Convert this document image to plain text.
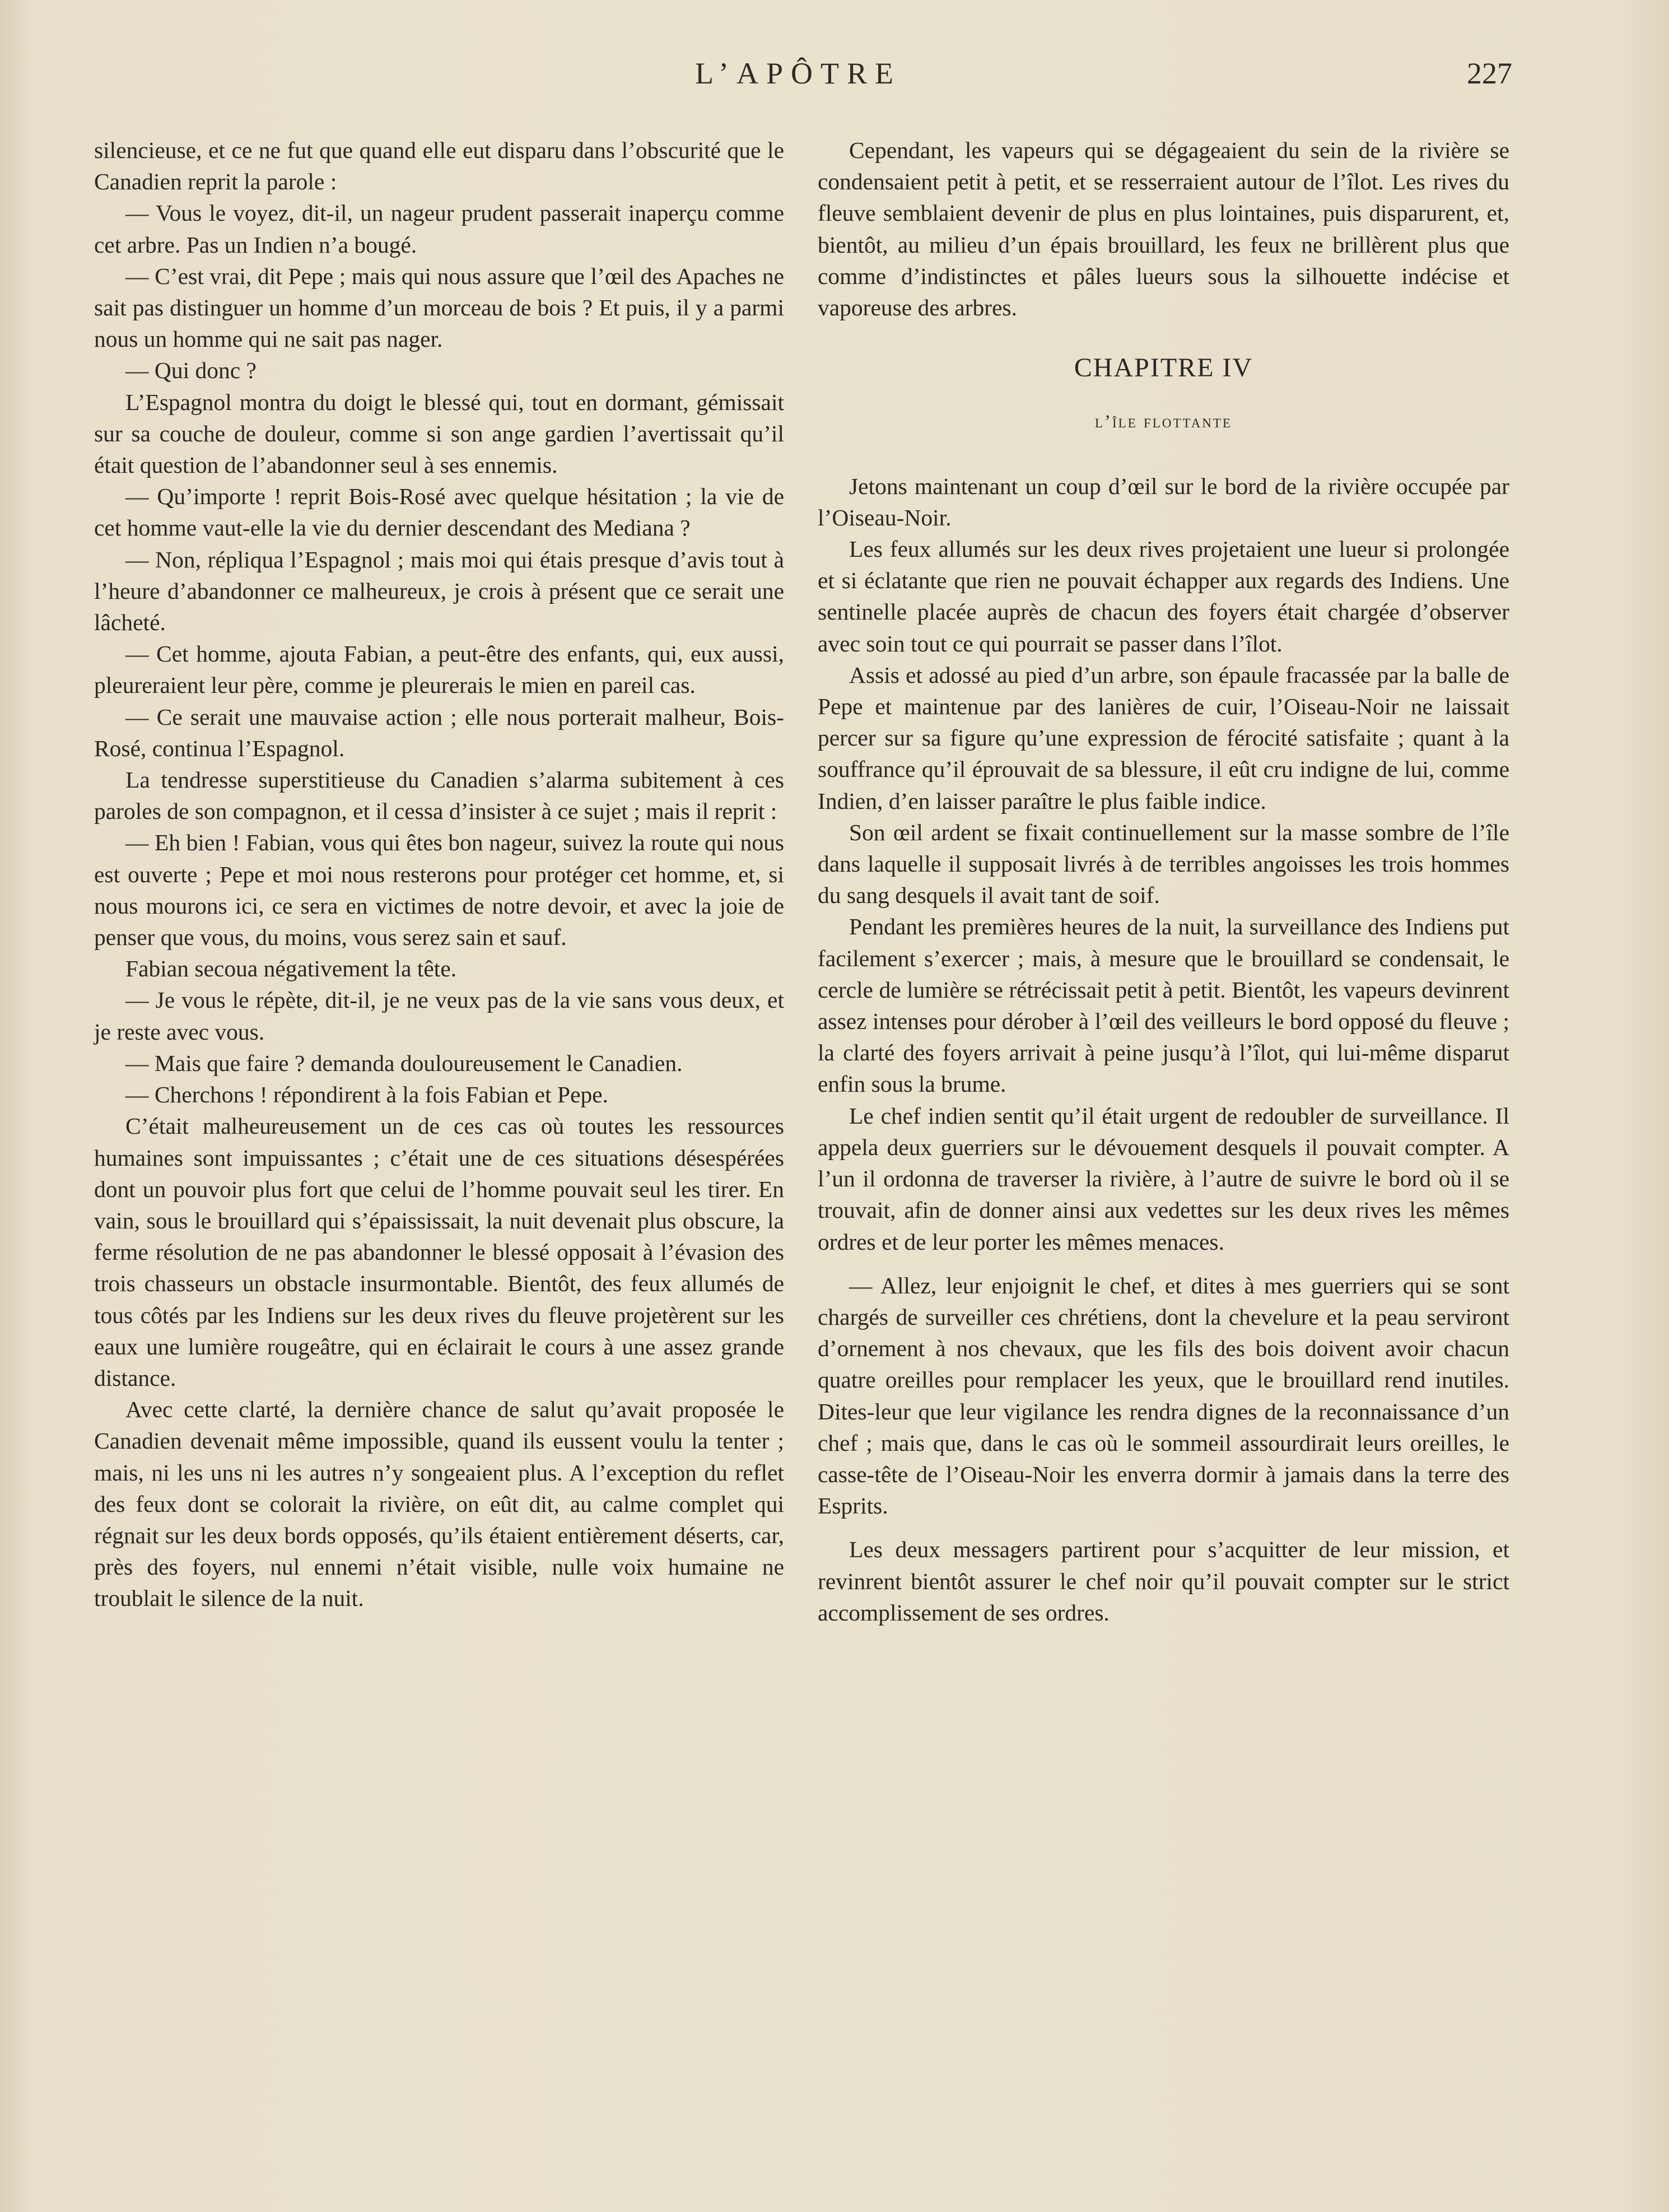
L’APÔTRE	227

silencieuse, et ce ne fut que quand elle eut disparu dans l’obscurité que le Canadien reprit la parole :

— Vous le voyez, dit-il, un nageur prudent passerait inaperçu comme cet arbre. Pas un Indien n’a bougé.

— C’est vrai, dit Pepe ; mais qui nous assure que l’œil des Apaches ne sait pas distinguer un homme d’un morceau de bois ? Et puis, il y a parmi nous un homme qui ne sait pas nager.

— Qui donc ?

L’Espagnol montra du doigt le blessé qui, tout en dormant, gémissait sur sa couche de douleur, comme si son ange gardien l’avertissait qu’il était question de l’abandonner seul à ses ennemis.

— Qu’importe ! reprit Bois-Rosé avec quelque hésitation ; la vie de cet homme vaut-elle la vie du dernier descendant des Mediana ?

— Non, répliqua l’Espagnol ; mais moi qui étais presque d’avis tout à l’heure d’abandonner ce malheureux, je crois à présent que ce serait une lâcheté.

— Cet homme, ajouta Fabian, a peut-être des enfants, qui, eux aussi, pleureraient leur père, comme je pleurerais le mien en pareil cas.

— Ce serait une mauvaise action ; elle nous porterait malheur, Bois-Rosé, continua l’Espagnol.

La tendresse superstitieuse du Canadien s’alarma subitement à ces paroles de son compagnon, et il cessa d’insister à ce sujet ; mais il reprit :

— Eh bien ! Fabian, vous qui êtes bon nageur, suivez la route qui nous est ouverte ; Pepe et moi nous resterons pour protéger cet homme, et, si nous mourons ici, ce sera en victimes de notre devoir, et avec la joie de penser que vous, du moins, vous serez sain et sauf.

Fabian secoua négativement la tête.

— Je vous le répète, dit-il, je ne veux pas de la vie sans vous deux, et je reste avec vous.

— Mais que faire ? demanda douloureusement le Canadien.

— Cherchons ! répondirent à la fois Fabian et Pepe.

C’était malheureusement un de ces cas où toutes les ressources humaines sont impuissantes ; c’était une de ces situations désespérées dont un pouvoir plus fort que celui de l’homme pouvait seul les tirer. En vain, sous le brouillard qui s’épaississait, la nuit devenait plus obscure, la ferme résolution de ne pas abandonner le blessé opposait à l’évasion des trois chasseurs un obstacle insurmontable. Bientôt, des feux allumés de tous côtés par les Indiens sur les deux rives du fleuve projetèrent sur les eaux une lumière rougeâtre, qui en éclairait le cours à une assez grande distance.

Avec cette clarté, la dernière chance de salut qu’avait proposée le Canadien devenait même impossible, quand ils eussent voulu la tenter ; mais, ni les uns ni les autres n’y songeaient plus. A l’exception du reflet des feux dont se colorait la rivière, on eût dit, au calme complet qui régnait sur les deux bords opposés, qu’ils étaient entièrement déserts, car, près des foyers, nul ennemi n’était visible, nulle voix humaine ne troublait le silence de la nuit.

Cependant, les vapeurs qui se dégageaient du sein de la rivière se condensaient petit à petit, et se resserraient autour de l’îlot. Les rives du fleuve semblaient devenir de plus en plus lointaines, puis disparurent, et, bientôt, au milieu d’un épais brouillard, les feux ne brillèrent plus que comme d’indistinctes et pâles lueurs sous la silhouette indécise et vaporeuse des arbres.

CHAPITRE IV
l’île flottante

Jetons maintenant un coup d’œil sur le bord de la rivière occupée par l’Oiseau-Noir.

Les feux allumés sur les deux rives projetaient une lueur si prolongée et si éclatante que rien ne pouvait échapper aux regards des Indiens. Une sentinelle placée auprès de chacun des foyers était chargée d’observer avec soin tout ce qui pourrait se passer dans l’îlot.

Assis et adossé au pied d’un arbre, son épaule fracassée par la balle de Pepe et maintenue par des lanières de cuir, l’Oiseau-Noir ne laissait percer sur sa figure qu’une expression de férocité satisfaite ; quant à la souffrance qu’il éprouvait de sa blessure, il eût cru indigne de lui, comme Indien, d’en laisser paraître le plus faible indice.

Son œil ardent se fixait continuellement sur la masse sombre de l’île dans laquelle il supposait livrés à de terribles angoisses les trois hommes du sang desquels il avait tant de soif.

Pendant les premières heures de la nuit, la surveillance des Indiens put facilement s’exercer ; mais, à mesure que le brouillard se condensait, le cercle de lumière se rétrécissait petit à petit. Bientôt, les vapeurs devinrent assez intenses pour dérober à l’œil des veilleurs le bord opposé du fleuve ; la clarté des foyers arrivait à peine jusqu’à l’îlot, qui lui-même disparut enfin sous la brume.

Le chef indien sentit qu’il était urgent de redoubler de surveillance. Il appela deux guerriers sur le dévouement desquels il pouvait compter. A l’un il ordonna de traverser la rivière, à l’autre de suivre le bord où il se trouvait, afin de donner ainsi aux vedettes sur les deux rives les mêmes ordres et de leur porter les mêmes menaces.

— Allez, leur enjoignit le chef, et dites à mes guerriers qui se sont chargés de surveiller ces chrétiens, dont la chevelure et la peau serviront d’ornement à nos chevaux, que les fils des bois doivent avoir chacun quatre oreilles pour remplacer les yeux, que le brouillard rend inutiles. Dites-leur que leur vigilance les rendra dignes de la reconnaissance d’un chef ; mais que, dans le cas où le sommeil assourdirait leurs oreilles, le casse-tête de l’Oiseau-Noir les enverra dormir à jamais dans la terre des Esprits.

Les deux messagers partirent pour s’acquitter de leur mission, et revinrent bientôt assurer le chef noir qu’il pouvait compter sur le strict accomplissement de ses ordres.
